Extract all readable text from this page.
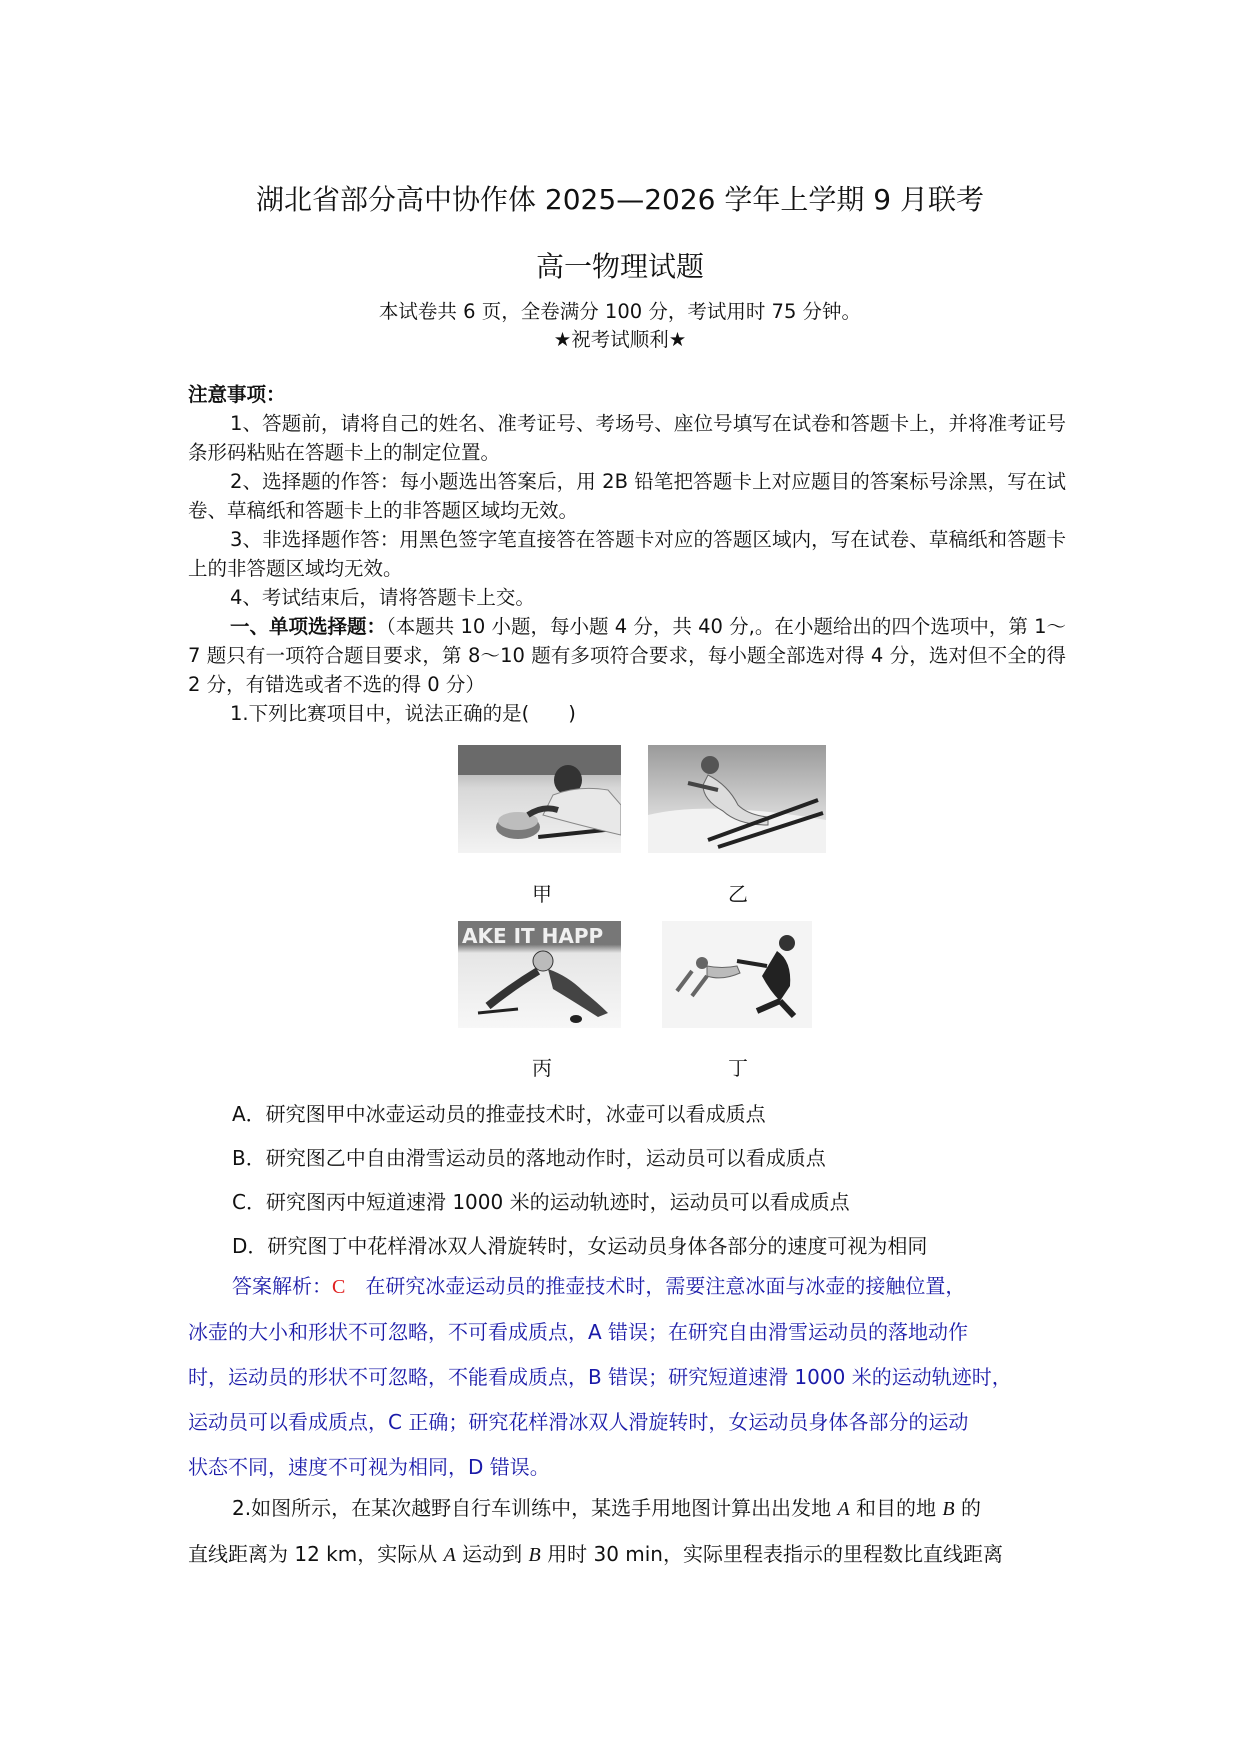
湖北省部分高中协作体 2025—2026 学年上学期 9 月联考
高一物理试题
本试卷共 6 页，全卷满分 100 分，考试用时 75 分钟。
★祝考试顺利★

注意事项：

1、答题前，请将自己的姓名、准考证号、考场号、座位号填写在试卷和答题卡上，并将准考证号条形码粘贴在答题卡上的制定位置。

2、选择题的作答：每小题选出答案后，用 2B 铅笔把答题卡上对应题目的答案标号涂黑，写在试卷、草稿纸和答题卡上的非答题区域均无效。

3、非选择题作答：用黑色签字笔直接答在答题卡对应的答题区域内，写在试卷、草稿纸和答题卡上的非答题区域均无效。

4、考试结束后，请将答题卡上交。

一、单项选择题：（本题共 10 小题，每小题 4 分，共 40 分,。在小题给出的四个选项中，第 1～7 题只有一项符合题目要求，第 8～10 题有多项符合要求，每小题全部选对得 4 分，选对但不全的得 2 分，有错选或者不选的得 0 分）

1.下列比赛项目中，说法正确的是(　　)

AKE IT HAPP
甲	乙
丙	丁
A．研究图甲中冰壶运动员的推壶技术时，冰壶可以看成质点
B．研究图乙中自由滑雪运动员的落地动作时，运动员可以看成质点
C．研究图丙中短道速滑 1000 米的运动轨迹时，运动员可以看成质点
D．研究图丁中花样滑冰双人滑旋转时，女运动员身体各部分的速度可视为相同
答案解析：C　 在研究冰壶运动员的推壶技术时，需要注意冰面与冰壶的接触位置，
冰壶的大小和形状不可忽略，不可看成质点，A 错误；在研究自由滑雪运动员的落地动作
时，运动员的形状不可忽略，不能看成质点，B 错误；研究短道速滑 1000 米的运动轨迹时，
运动员可以看成质点，C 正确；研究花样滑冰双人滑旋转时，女运动员身体各部分的运动
状态不同，速度不可视为相同，D 错误。
2.如图所示，在某次越野自行车训练中，某选手用地图计算出出发地 A 和目的地 B 的
直线距离为 12 km，实际从 A 运动到 B 用时 30 min，实际里程表指示的里程数比直线距离
